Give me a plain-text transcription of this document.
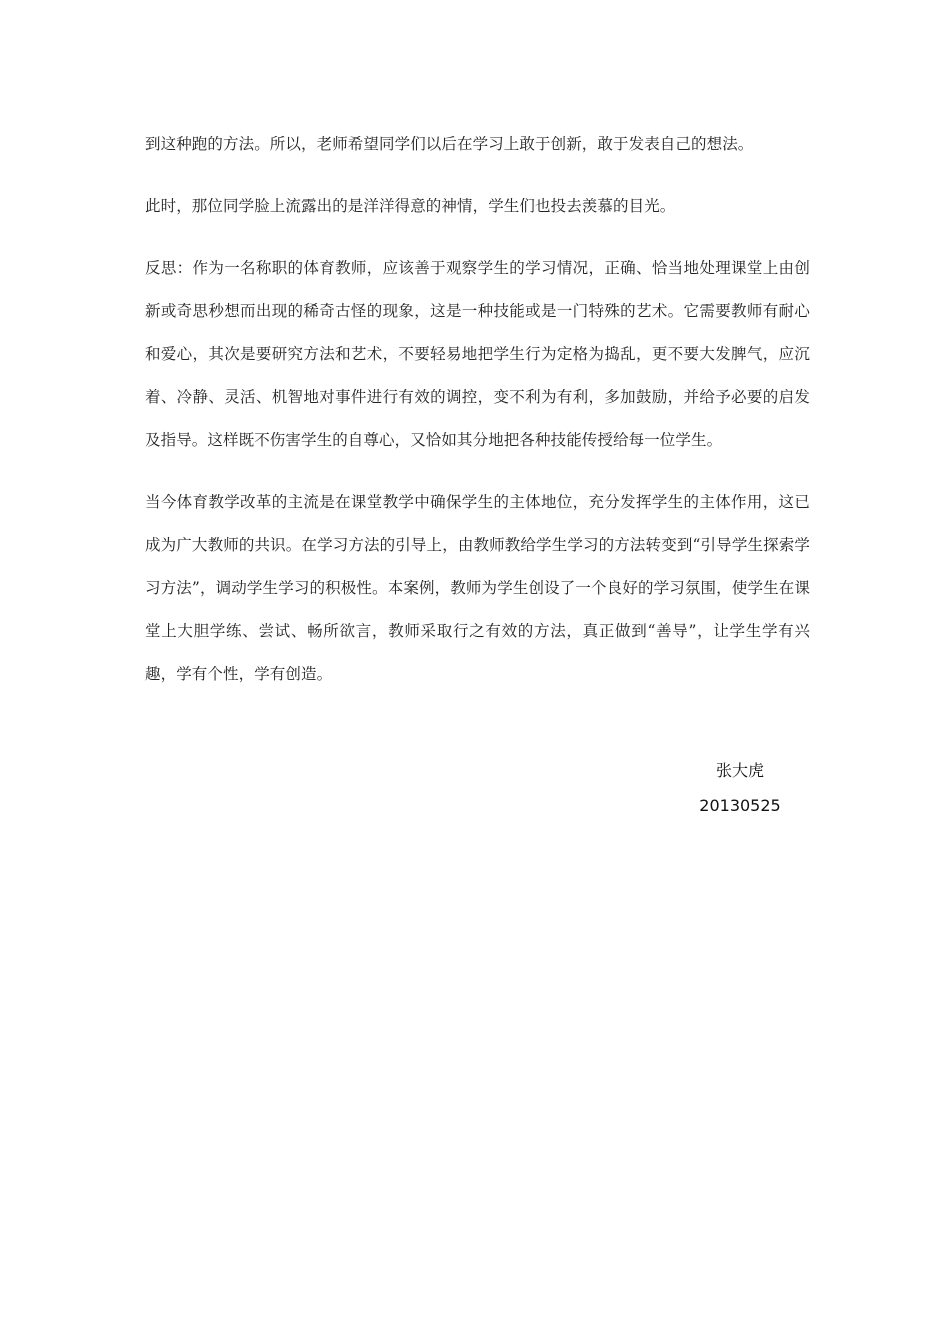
到这种跑的方法。所以，老师希望同学们以后在学习上敢于创新，敢于发表自己的想法。

此时，那位同学脸上流露出的是洋洋得意的神情，学生们也投去羡慕的目光。

反思：作为一名称职的体育教师，应该善于观察学生的学习情况，正确、恰当地处理课堂上由创新或奇思秒想而出现的稀奇古怪的现象，这是一种技能或是一门特殊的艺术。它需要教师有耐心和爱心，其次是要研究方法和艺术，不要轻易地把学生行为定格为捣乱，更不要大发脾气，应沉着、冷静、灵活、机智地对事件进行有效的调控，变不利为有利，多加鼓励，并给予必要的启发及指导。这样既不伤害学生的自尊心，又恰如其分地把各种技能传授给每一位学生。

当今体育教学改革的主流是在课堂教学中确保学生的主体地位，充分发挥学生的主体作用，这已成为广大教师的共识。在学习方法的引导上，由教师教给学生学习的方法转变到“引导学生探索学习方法”，调动学生学习的积极性。本案例，教师为学生创设了一个良好的学习氛围，使学生在课堂上大胆学练、尝试、畅所欲言，教师采取行之有效的方法，真正做到“善导”，让学生学有兴趣，学有个性，学有创造。

张大虎
20130525
